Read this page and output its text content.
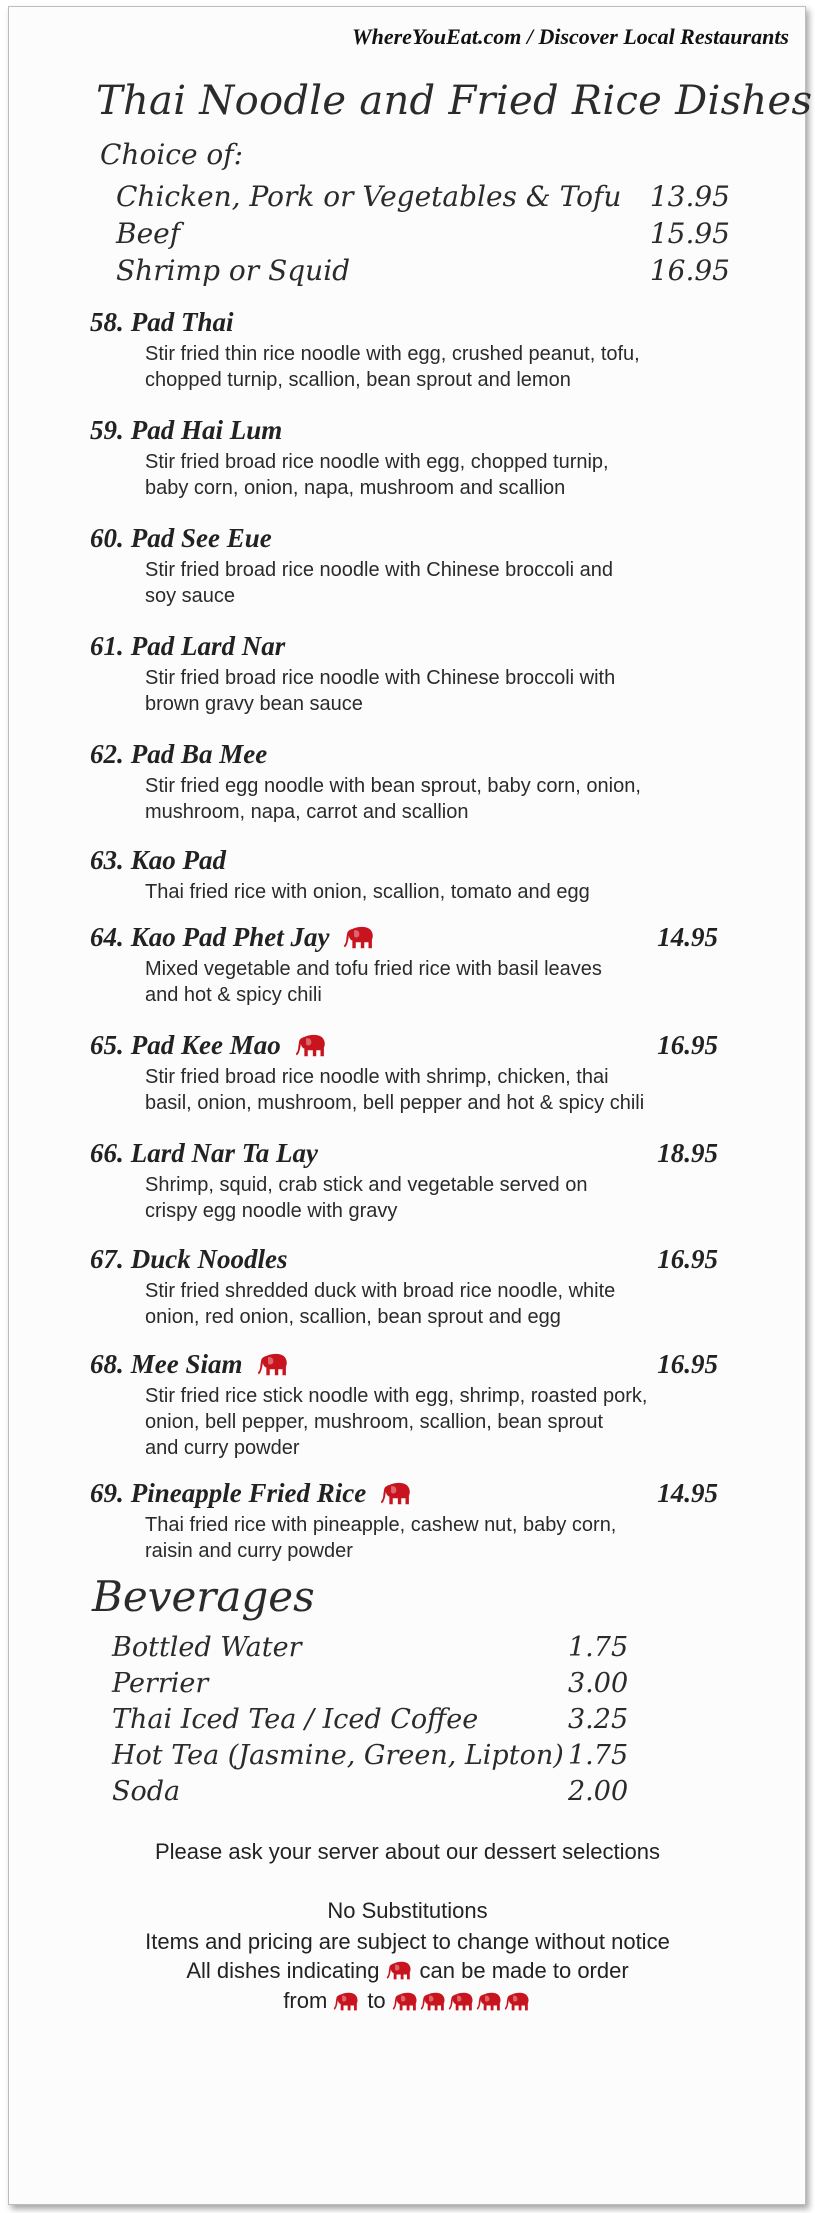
WhereYouEat.com / Discover Local Restaurants
Thai Noodle and Fried Rice Dishes
Choice of:
Chicken, Pork or Vegetables & Tofu 13.95
Beef	15.95
Shrimp or Squid	16.95
58. Pad Thai
Stir fried thin rice noodle with egg, crushed peanut, tofu,
chopped turnip, scallion, bean sprout and lemon
59. Pad Hai Lum
Stir fried broad rice noodle with egg, chopped turnip,
baby corn, onion, napa, mushroom and scallion
60. Pad See Eue
Stir fried broad rice noodle with Chinese broccoli and
soy sauce
61. Pad Lard Nar
Stir fried broad rice noodle with Chinese broccoli with
brown gravy bean sauce
62. Pad Ba Mee
Stir fried egg noodle with bean sprout, baby corn, onion,
mushroom, napa, carrot and scallion
63. Kao Pad
Thai fried rice with onion, scallion, tomato and egg
64. Kao Pad Phet Jay	14.95
Mixed vegetable and tofu fried rice with basil leaves
and hot & spicy chili
65. Pad Kee Mao	16.95
Stir fried broad rice noodle with shrimp, chicken, thai
basil, onion, mushroom, bell pepper and hot & spicy chili
66. Lard Nar Ta Lay	18.95
Shrimp, squid, crab stick and vegetable served on
crispy egg noodle with gravy
67. Duck Noodles	16.95
Stir fried shredded duck with broad rice noodle, white
onion, red onion, scallion, bean sprout and egg
68. Mee Siam	16.95
Stir fried rice stick noodle with egg, shrimp, roasted pork,
onion, bell pepper, mushroom, scallion, bean sprout
and curry powder
69. Pineapple Fried Rice	14.95
Thai fried rice with pineapple, cashew nut, baby corn,
raisin and curry powder
Beverages
Bottled Water	1.75
Perrier	3.00
Thai Iced Tea / Iced Coffee	3.25
Hot Tea (Jasmine, Green, Lipton) 1.75
Soda	2.00
Please ask your server about our dessert selections
No Substitutions
Items and pricing are subject to change without notice
All dishes indicating can be made to order
from to
